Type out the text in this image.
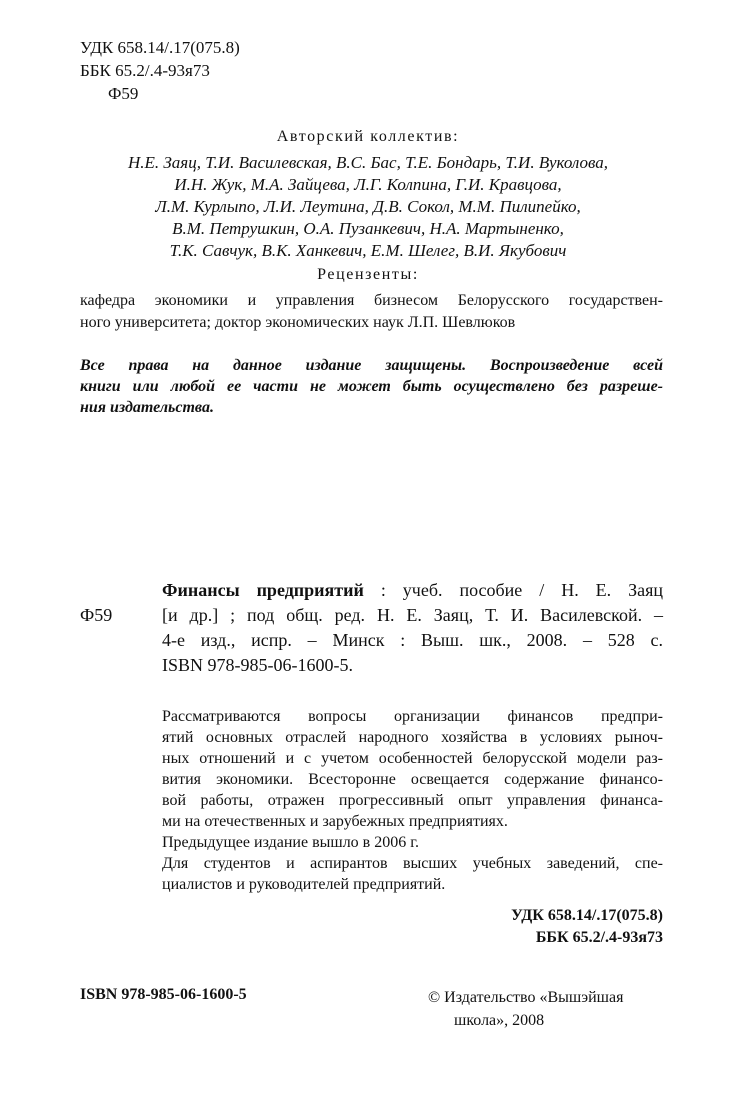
УДК 658.14/.17(075.8)
ББК 65.2/.4-93я73
Ф59
Авторский коллектив:
Н.Е. Заяц, Т.И. Василевская, В.С. Бас, Т.Е. Бондарь, Т.И. Вуколова,
И.Н. Жук, М.А. Зайцева, Л.Г. Колпина, Г.И. Кравцова,
Л.М. Курлыпо, Л.И. Леутина, Д.В. Сокол, М.М. Пилипейко,
В.М. Петрушкин, О.А. Пузанкевич, Н.А. Мартыненко,
Т.К. Савчук, В.К. Ханкевич, Е.М. Шелег, В.И. Якубович
Рецензенты:
кафедра экономики и управления бизнесом Белорусского государствен-
ного университета; доктор экономических наук Л.П. Шевлюков
Все права на данное издание защищены. Воспроизведение всей
книги или любой ее части не может быть осуществлено без разреше-
ния издательства.
Ф59
Финансы предприятий : учеб. пособие / Н. Е. Заяц
[и др.] ; под общ. ред. Н. Е. Заяц, Т. И. Василевской. –
4-е изд., испр. – Минск : Выш. шк., 2008. – 528 с.
ISBN 978-985-06-1600-5.
Рассматриваются вопросы организации финансов предпри-
ятий основных отраслей народного хозяйства в условиях рыноч-
ных отношений и с учетом особенностей белорусской модели раз-
вития экономики. Всесторонне освещается содержание финансо-
вой работы, отражен прогрессивный опыт управления финанса-
ми на отечественных и зарубежных предприятиях.
Предыдущее издание вышло в 2006 г.
Для студентов и аспирантов высших учебных заведений, спе-
циалистов и руководителей предприятий.
УДК 658.14/.17(075.8)
ББК 65.2/.4-93я73
ISBN 978-985-06-1600-5	© Издательство «Вышэйшая
школа», 2008
